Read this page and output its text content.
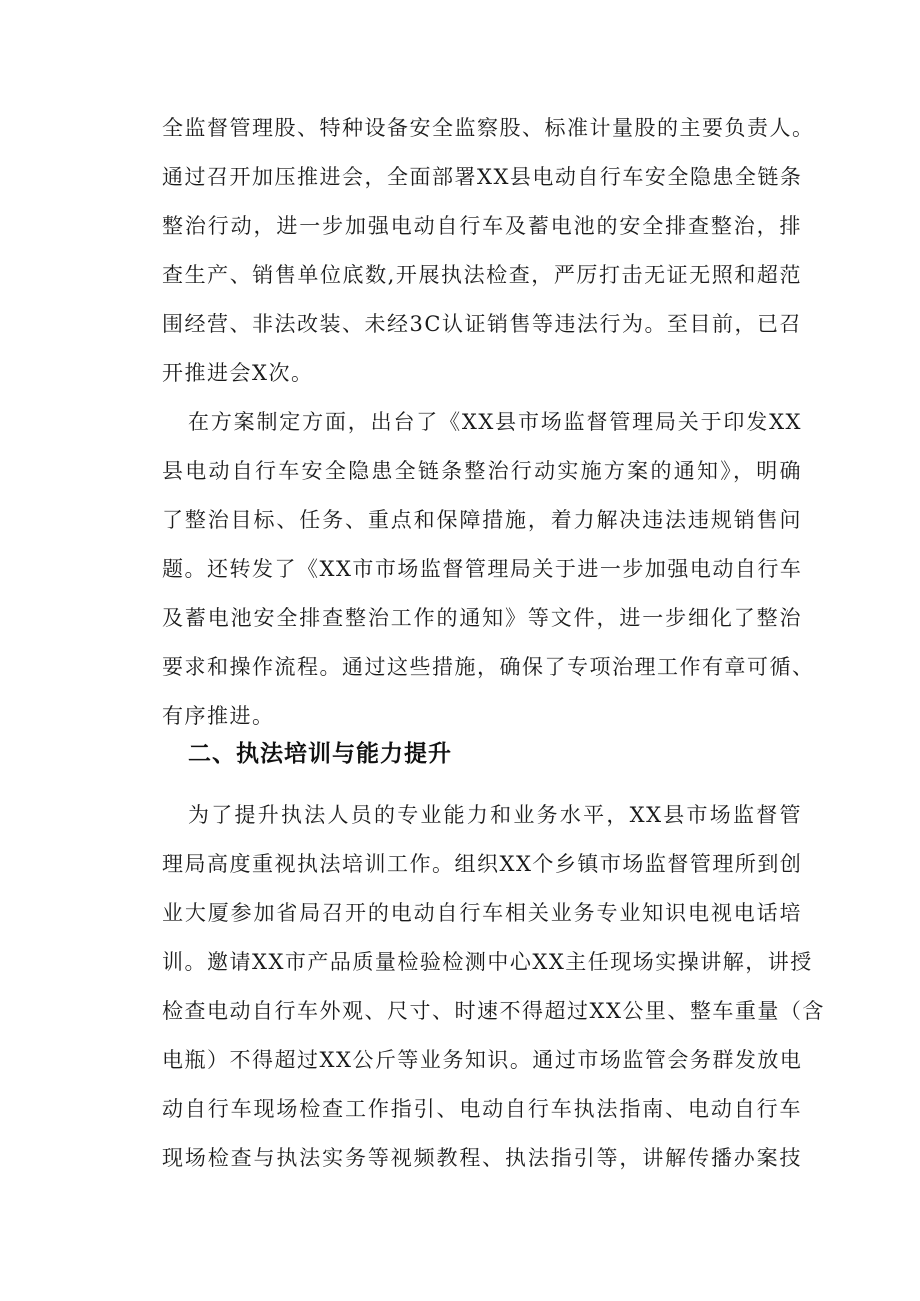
全监督管理股、特种设备安全监察股、标准计量股的主要负责人。
通过召开加压推进会，全面部署XX县电动自行车安全隐患全链条
整治行动，进一步加强电动自行车及蓄电池的安全排查整治，排
查生产、销售单位底数,开展执法检查，严厉打击无证无照和超范
围经营、非法改装、未经3C认证销售等违法行为。至目前，已召
开推进会X次。
在方案制定方面，出台了《XX县市场监督管理局关于印发XX
县电动自行车安全隐患全链条整治行动实施方案的通知》，明确
了整治目标、任务、重点和保障措施，着力解决违法违规销售问
题。还转发了《XX市市场监督管理局关于进一步加强电动自行车
及蓄电池安全排查整治工作的通知》等文件，进一步细化了整治
要求和操作流程。通过这些措施，确保了专项治理工作有章可循、
有序推进。
二、执法培训与能力提升
为了提升执法人员的专业能力和业务水平，XX县市场监督管
理局高度重视执法培训工作。组织XX个乡镇市场监督管理所到创
业大厦参加省局召开的电动自行车相关业务专业知识电视电话培
训。邀请XX市产品质量检验检测中心XX主任现场实操讲解，讲授
检查电动自行车外观、尺寸、时速不得超过XX公里、整车重量（含
电瓶）不得超过XX公斤等业务知识。通过市场监管会务群发放电
动自行车现场检查工作指引、电动自行车执法指南、电动自行车
现场检查与执法实务等视频教程、执法指引等，讲解传播办案技
